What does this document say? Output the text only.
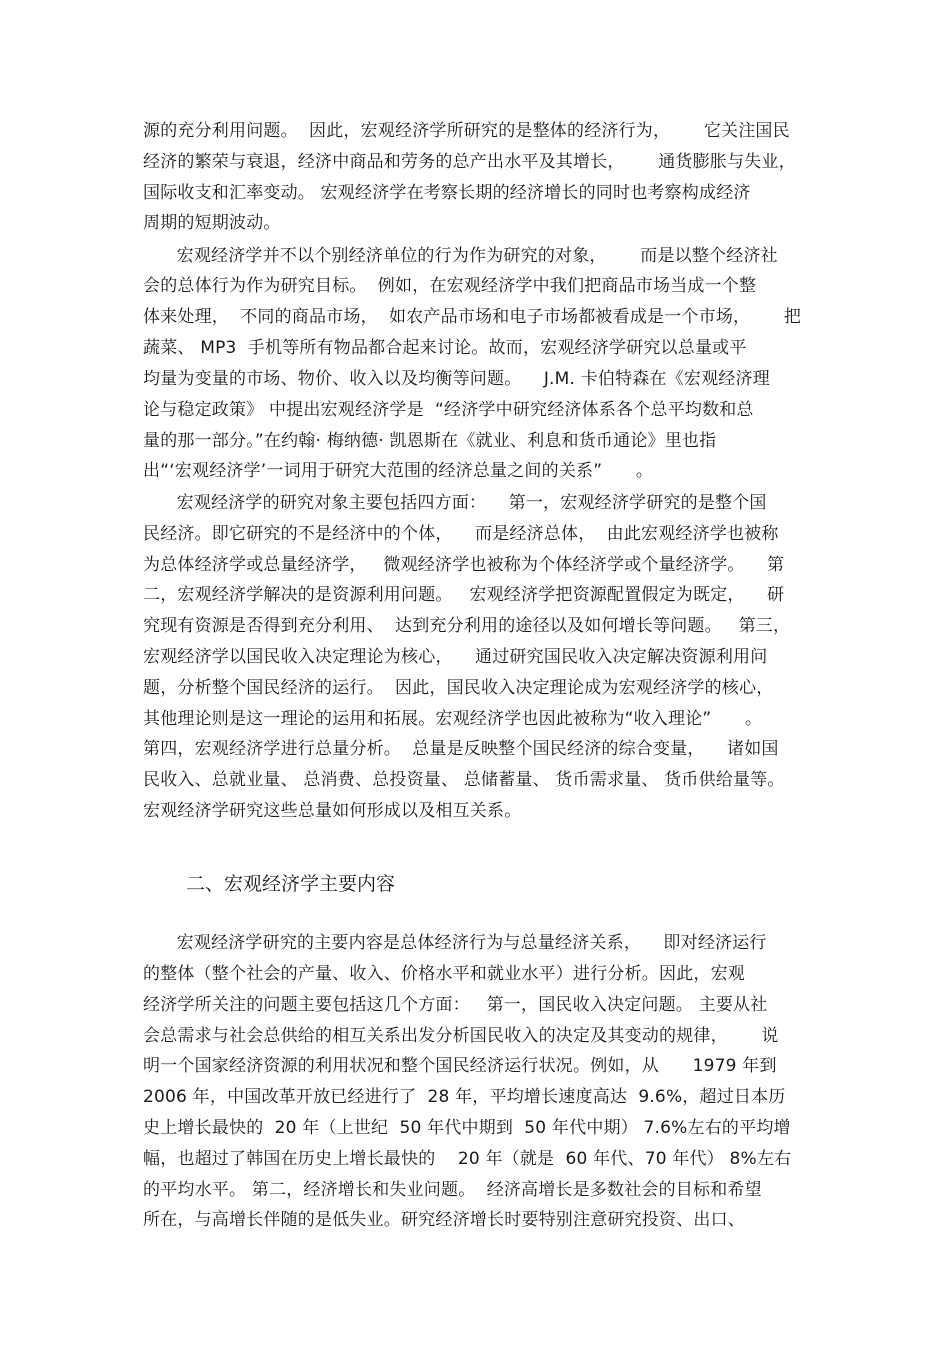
源的充分利用问题。  因此，宏观经济学所研究的是整体的经济行为，      它关注国民
经济的繁荣与衰退，经济中商品和劳务的总产出水平及其增长，      通货膨胀与失业，
国际收支和汇率变动。 宏观经济学在考察长期的经济增长的同时也考察构成经济
周期的短期波动。
宏观经济学并不以个别经济单位的行为作为研究的对象，      而是以整个经济社
会的总体行为作为研究目标。  例如，在宏观经济学中我们把商品市场当成一个整
体来处理，  不同的商品市场，  如农产品市场和电子市场都被看成是一个市场，      把
蔬菜、 MP3  手机等所有物品都合起来讨论。故而，宏观经济学研究以总量或平
均量为变量的市场、物价、收入以及均衡等问题。    J.M. 卡伯特森在《宏观经济理
论与稳定政策》 中提出宏观经济学是  “经济学中研究经济体系各个总平均数和总
量的那一部分。”在约翰· 梅纳德· 凯恩斯在《就业、利息和货币通论》里也指
出“‘宏观经济学’一词用于研究大范围的经济总量之间的关系”      。
宏观经济学的研究对象主要包括四方面：    第一，宏观经济学研究的是整个国
民经济。即它研究的不是经济中的个体，    而是经济总体，  由此宏观经济学也被称
为总体经济学或总量经济学，   微观经济学也被称为个体经济学或个量经济学。    第
二，宏观经济学解决的是资源利用问题。   宏观经济学把资源配置假定为既定，    研
究现有资源是否得到充分利用、  达到充分利用的途径以及如何增长等问题。   第三，
宏观经济学以国民收入决定理论为核心，    通过研究国民收入决定解决资源利用问
题，分析整个国民经济的运行。  因此，国民收入决定理论成为宏观经济学的核心，
其他理论则是这一理论的运用和拓展。宏观经济学也因此被称为“收入理论”      。
第四，宏观经济学进行总量分析。  总量是反映整个国民经济的综合变量，    诸如国
民收入、总就业量、 总消费、总投资量、 总储蓄量、 货币需求量、 货币供给量等。
宏观经济学研究这些总量如何形成以及相互关系。
二、宏观经济学主要内容
宏观经济学研究的主要内容是总体经济行为与总量经济关系，    即对经济运行
的整体（整个社会的产量、收入、价格水平和就业水平）进行分析。因此，宏观
经济学所关注的问题主要包括这几个方面：   第一，国民收入决定问题。 主要从社
会总需求与社会总供给的相互关系出发分析国民收入的决定及其变动的规律，      说
明一个国家经济资源的利用状况和整个国民经济运行状况。例如，从      1979 年到
2006 年，中国改革开放已经进行了  28 年，平均增长速度高达  9.6%，超过日本历
史上增长最快的  20 年（上世纪  50 年代中期到  50 年代中期） 7.6%左右的平均增
幅，也超过了韩国在历史上增长最快的    20 年（就是  60 年代、70 年代） 8%左右
的平均水平。 第二，经济增长和失业问题。  经济高增长是多数社会的目标和希望
所在，与高增长伴随的是低失业。研究经济增长时要特别注意研究投资、出口、
